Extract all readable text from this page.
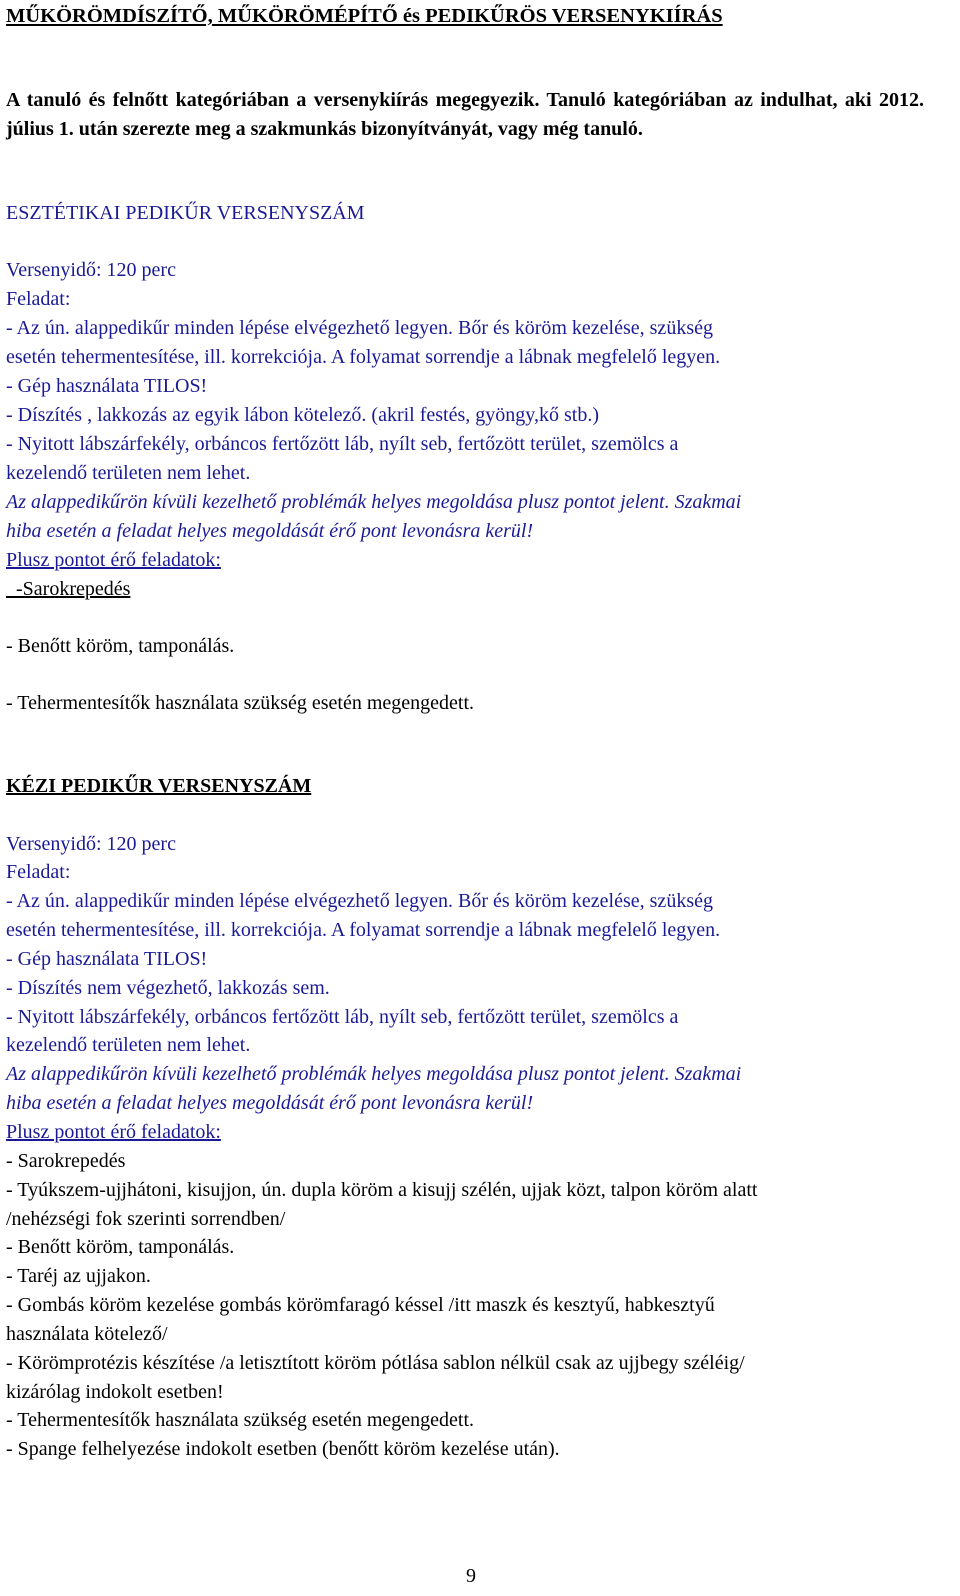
MŰKÖRÖMDÍSZÍTŐ, MŰKÖRÖMÉPÍTŐ és PEDIKŰRÖS VERSENYKIÍRÁS
A tanuló és felnőtt kategóriában a versenykiírás megegyezik. Tanuló kategóriában az indulhat, aki 2012. július 1. után szerezte meg a szakmunkás bizonyítványát, vagy még tanuló.
ESZTÉTIKAI PEDIKŰR VERSENYSZÁM
Versenyidő: 120 perc
Feladat:
- Az ún. alappedikűr minden lépése elvégezhető legyen. Bőr és köröm kezelése, szükség
esetén tehermentesítése, ill. korrekciója. A folyamat sorrendje a lábnak megfelelő legyen.
- Gép használata TILOS!
- Díszítés , lakkozás az egyik lábon kötelező. (akril festés, gyöngy,kő stb.)
- Nyitott lábszárfekély, orbáncos fertőzött láb, nyílt seb, fertőzött terület, szemölcs a
kezelendő területen nem lehet.
Az alappedikűrön kívüli kezelhető problémák helyes megoldása plusz pontot jelent. Szakmai
hiba esetén a feladat helyes megoldását érő pont levonásra kerül!
Plusz pontot érő feladatok:
-Sarokrepedés
- Benőtt köröm, tamponálás.
- Tehermentesítők használata szükség esetén megengedett.
KÉZI PEDIKŰR VERSENYSZÁM
Versenyidő: 120 perc
Feladat:
- Az ún. alappedikűr minden lépése elvégezhető legyen. Bőr és köröm kezelése, szükség
esetén tehermentesítése, ill. korrekciója. A folyamat sorrendje a lábnak megfelelő legyen.
- Gép használata TILOS!
- Díszítés nem végezhető, lakkozás sem.
- Nyitott lábszárfekély, orbáncos fertőzött láb, nyílt seb, fertőzött terület, szemölcs a
kezelendő területen nem lehet.
Az alappedikűrön kívüli kezelhető problémák helyes megoldása plusz pontot jelent. Szakmai
hiba esetén a feladat helyes megoldását érő pont levonásra kerül!
Plusz pontot érő feladatok:
- Sarokrepedés
- Tyúkszem-ujjhátoni, kisujjon, ún. dupla köröm a kisujj szélén, ujjak közt, talpon köröm alatt
/nehézségi fok szerinti sorrendben/
- Benőtt köröm, tamponálás.
- Taréj az ujjakon.
- Gombás köröm kezelése gombás körömfaragó késsel /itt maszk és kesztyű, habkesztyű
használata kötelező/
- Körömprotézis készítése /a letisztított köröm pótlása sablon nélkül csak az ujjbegy széléig/
kizárólag indokolt esetben!
- Tehermentesítők használata szükség esetén megengedett.
- Spange felhelyezése indokolt esetben (benőtt köröm kezelése után).
9
